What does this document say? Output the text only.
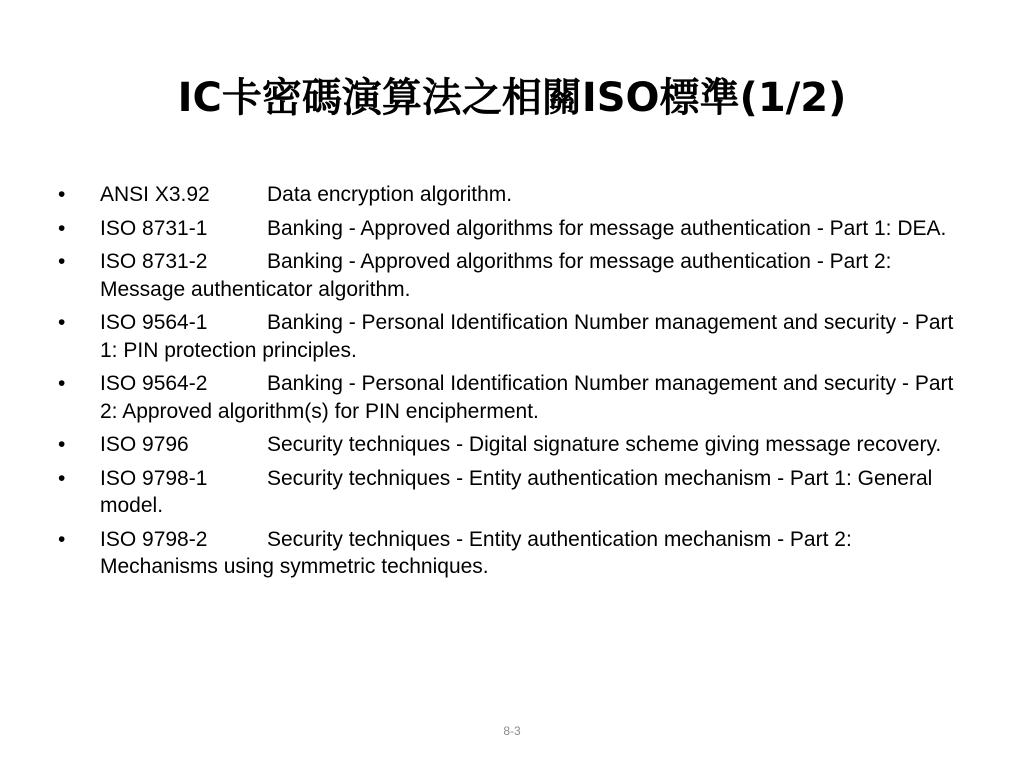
IC卡密碼演算法之相關ISO標準(1/2)
•	ANSI X3.92	Data encryption algorithm.
•	ISO 8731-1	Banking - Approved algorithms for message authentication - Part 1: DEA.
•	ISO 8731-2	Banking - Approved algorithms for message authentication - Part 2: Message authenticator algorithm.
•	ISO 9564-1	Banking - Personal Identification Number management and security - Part 1: PIN protection principles.
•	ISO 9564-2	Banking - Personal Identification Number management and security - Part 2: Approved algorithm(s) for PIN encipherment.
•	ISO 9796	Security techniques - Digital signature scheme giving message recovery.
•	ISO 9798-1	Security techniques - Entity authentication mechanism - Part 1: General model.
•	ISO 9798-2	Security techniques - Entity authentication mechanism - Part 2: Mechanisms using symmetric techniques.
8-3
